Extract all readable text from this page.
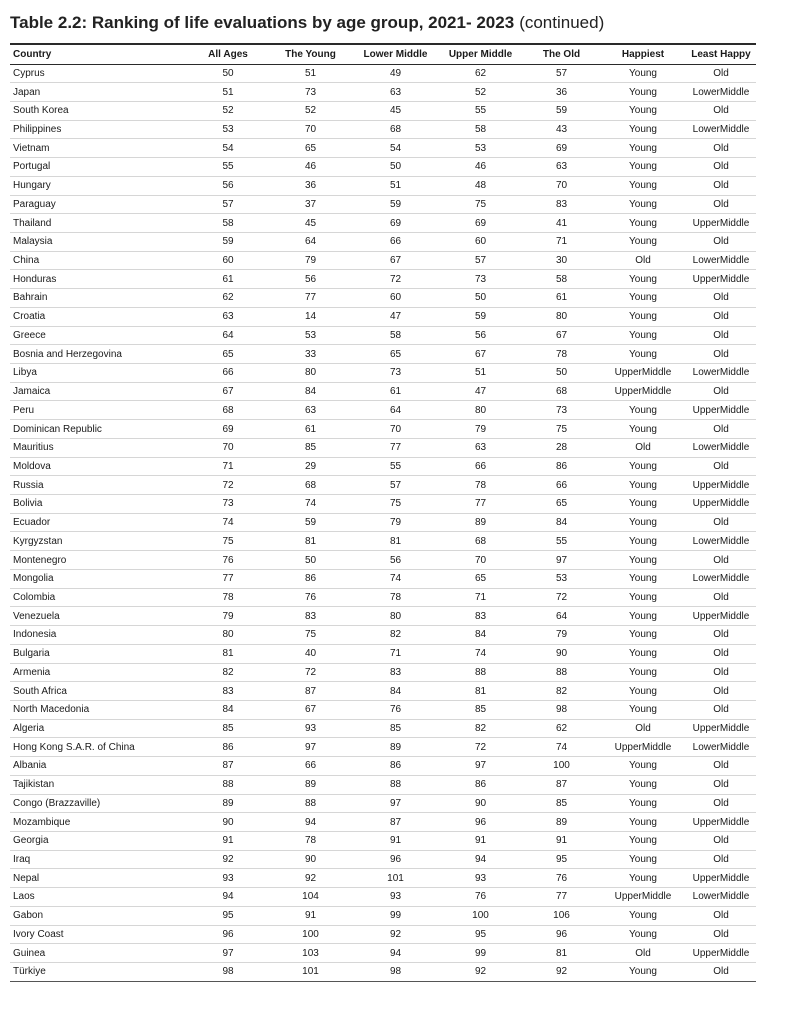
Table 2.2: Ranking of life evaluations by age group, 2021- 2023 (continued)
Country	All Ages	The Young	Lower Middle	Upper Middle	The Old	Happiest	Least Happy
Cyprus	50	51	49	62	57	Young	Old
Japan	51	73	63	52	36	Young	LowerMiddle
South Korea	52	52	45	55	59	Young	Old
Philippines	53	70	68	58	43	Young	LowerMiddle
Vietnam	54	65	54	53	69	Young	Old
Portugal	55	46	50	46	63	Young	Old
Hungary	56	36	51	48	70	Young	Old
Paraguay	57	37	59	75	83	Young	Old
Thailand	58	45	69	69	41	Young	UpperMiddle
Malaysia	59	64	66	60	71	Young	Old
China	60	79	67	57	30	Old	LowerMiddle
Honduras	61	56	72	73	58	Young	UpperMiddle
Bahrain	62	77	60	50	61	Young	Old
Croatia	63	14	47	59	80	Young	Old
Greece	64	53	58	56	67	Young	Old
Bosnia and Herzegovina	65	33	65	67	78	Young	Old
Libya	66	80	73	51	50	UpperMiddle	LowerMiddle
Jamaica	67	84	61	47	68	UpperMiddle	Old
Peru	68	63	64	80	73	Young	UpperMiddle
Dominican Republic	69	61	70	79	75	Young	Old
Mauritius	70	85	77	63	28	Old	LowerMiddle
Moldova	71	29	55	66	86	Young	Old
Russia	72	68	57	78	66	Young	UpperMiddle
Bolivia	73	74	75	77	65	Young	UpperMiddle
Ecuador	74	59	79	89	84	Young	Old
Kyrgyzstan	75	81	81	68	55	Young	LowerMiddle
Montenegro	76	50	56	70	97	Young	Old
Mongolia	77	86	74	65	53	Young	LowerMiddle
Colombia	78	76	78	71	72	Young	Old
Venezuela	79	83	80	83	64	Young	UpperMiddle
Indonesia	80	75	82	84	79	Young	Old
Bulgaria	81	40	71	74	90	Young	Old
Armenia	82	72	83	88	88	Young	Old
South Africa	83	87	84	81	82	Young	Old
North Macedonia	84	67	76	85	98	Young	Old
Algeria	85	93	85	82	62	Old	UpperMiddle
Hong Kong S.A.R. of China	86	97	89	72	74	UpperMiddle	LowerMiddle
Albania	87	66	86	97	100	Young	Old
Tajikistan	88	89	88	86	87	Young	Old
Congo (Brazzaville)	89	88	97	90	85	Young	Old
Mozambique	90	94	87	96	89	Young	UpperMiddle
Georgia	91	78	91	91	91	Young	Old
Iraq	92	90	96	94	95	Young	Old
Nepal	93	92	101	93	76	Young	UpperMiddle
Laos	94	104	93	76	77	UpperMiddle	LowerMiddle
Gabon	95	91	99	100	106	Young	Old
Ivory Coast	96	100	92	95	96	Young	Old
Guinea	97	103	94	99	81	Old	UpperMiddle
Türkiye	98	101	98	92	92	Young	Old
